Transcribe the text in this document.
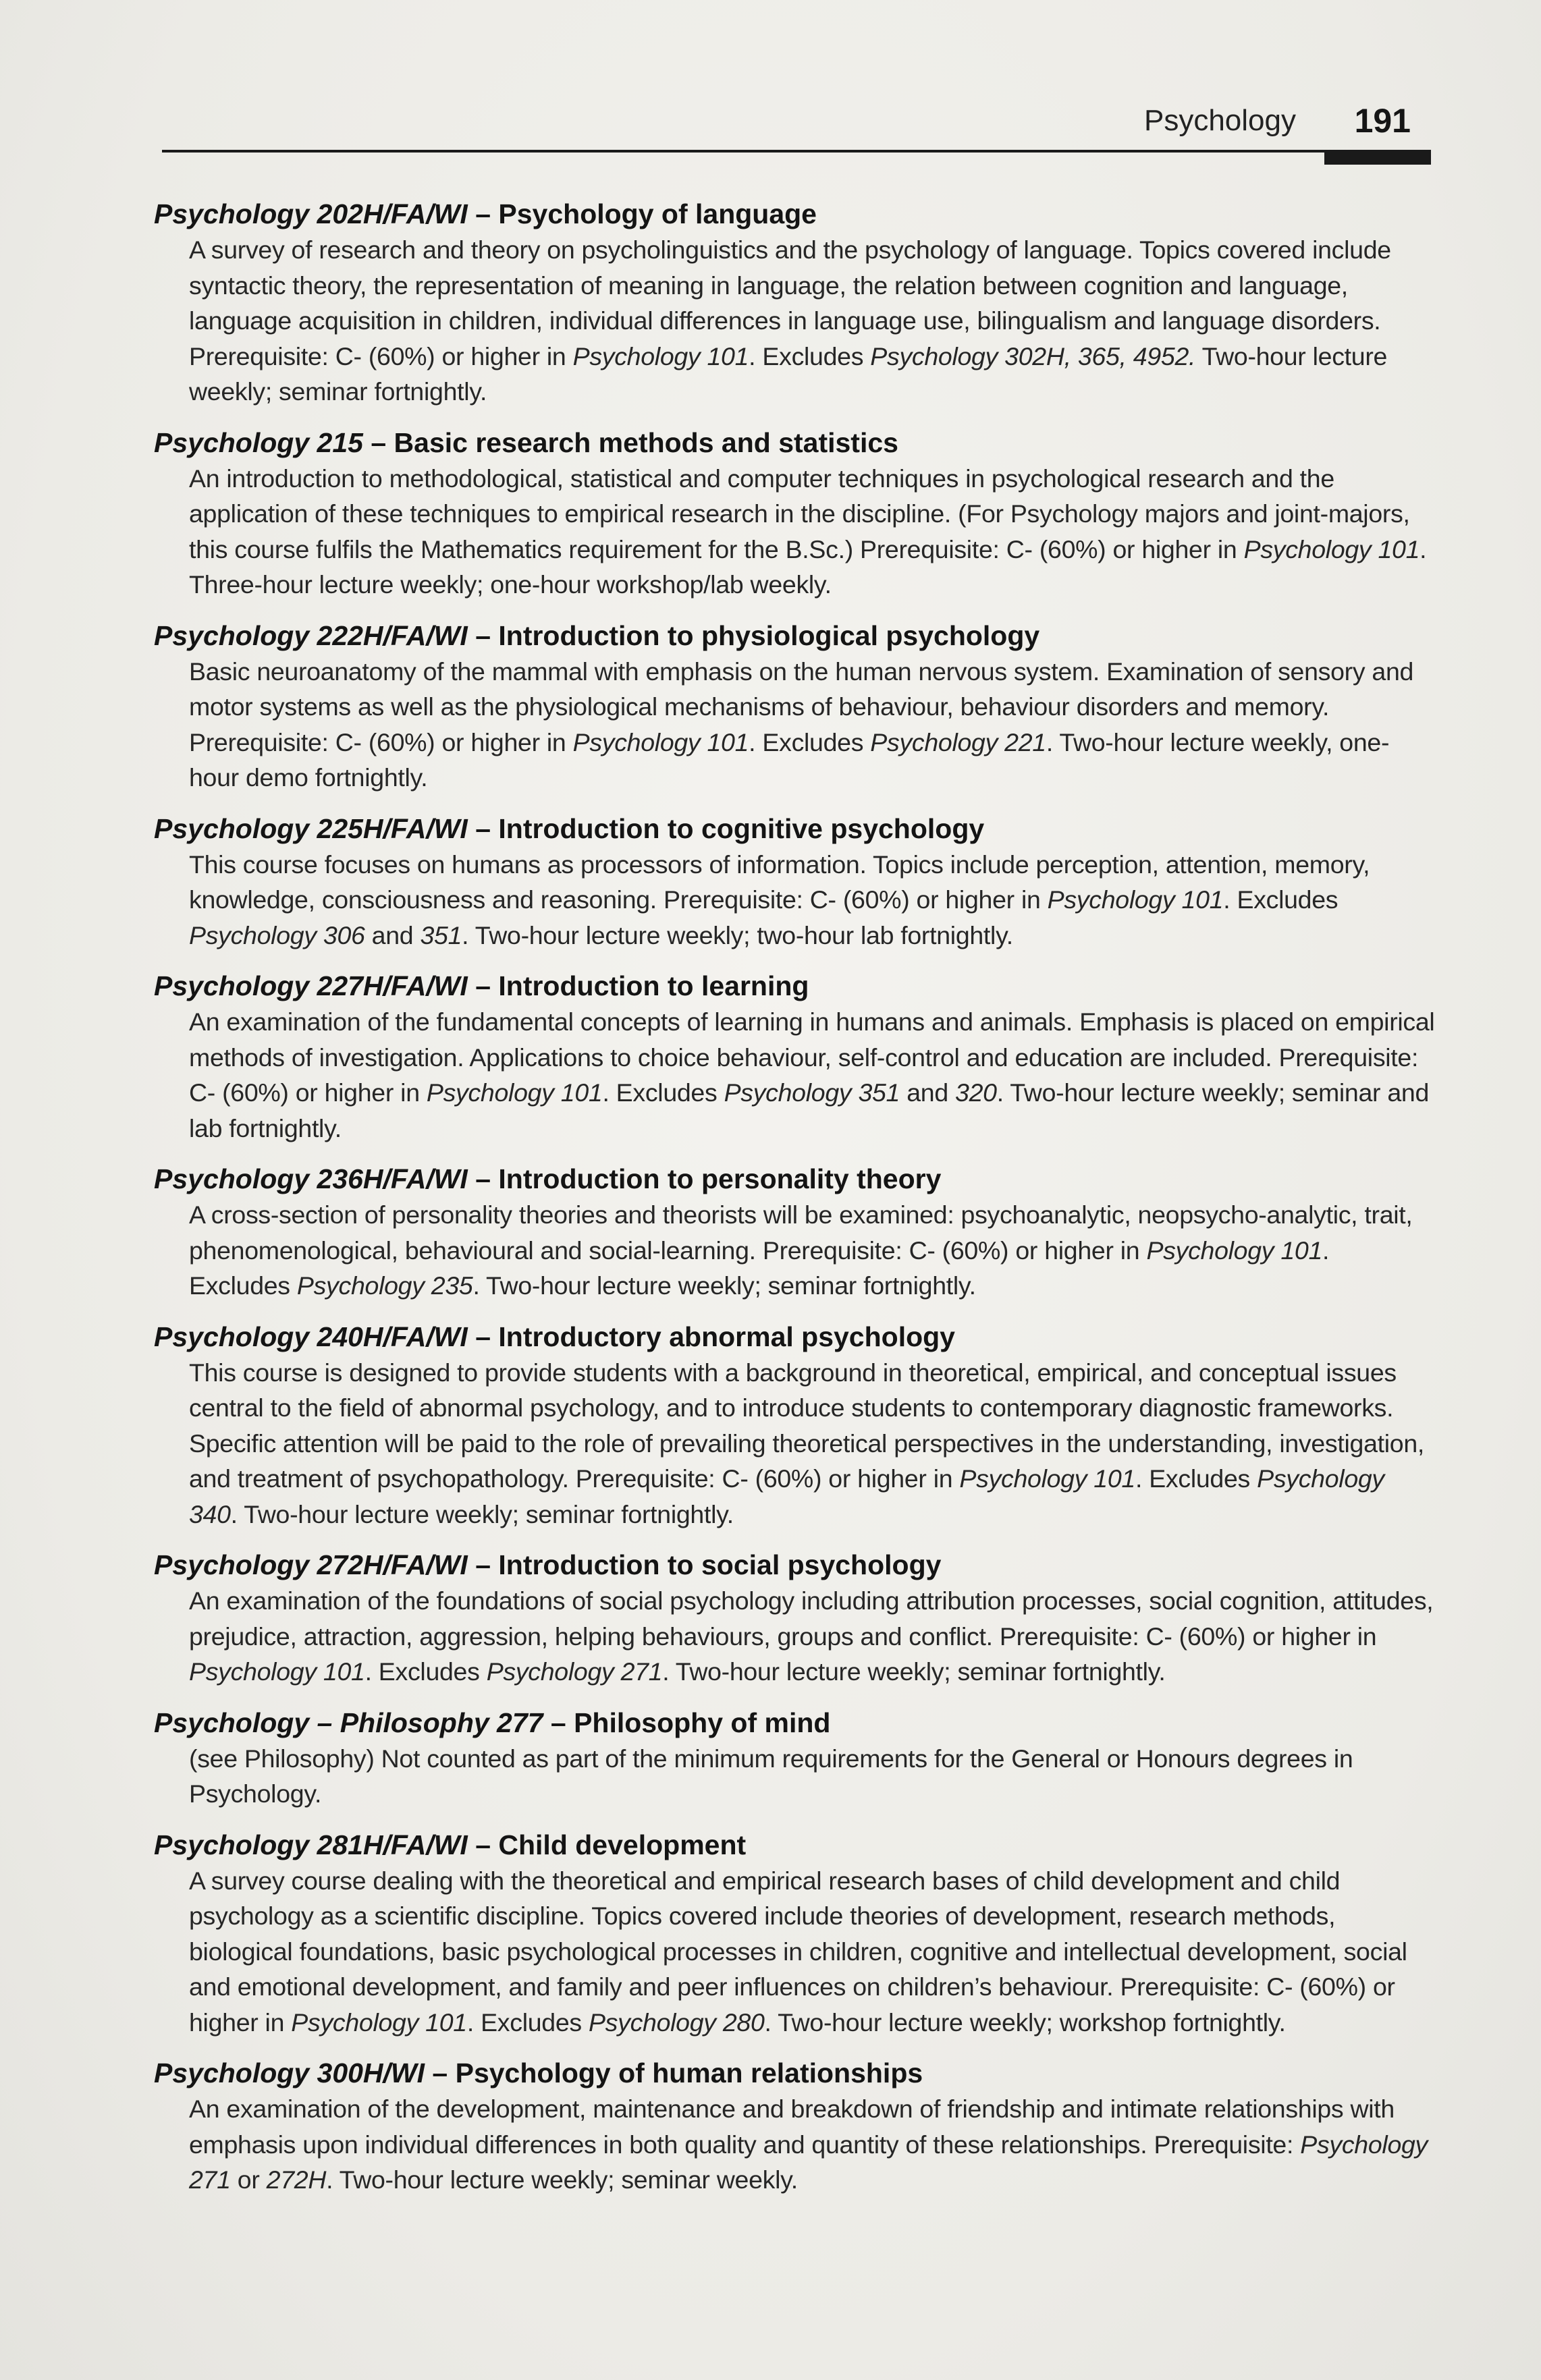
Psychology 191

Psychology 202H/FA/WI – Psychology of language

A survey of research and theory on psycholinguistics and the psychology of language. Topics covered include syntactic theory, the representation of meaning in language, the relation between cognition and language, language acquisition in children, individual differences in language use, bilingualism and language disorders. Prerequisite: C- (60%) or higher in Psychology 101. Excludes Psychology 302H, 365, 4952. Two-hour lecture weekly; seminar fortnightly.

Psychology 215 – Basic research methods and statistics

An introduction to methodological, statistical and computer techniques in psychological research and the application of these techniques to empirical research in the discipline. (For Psychology majors and joint-majors, this course fulfils the Mathematics requirement for the B.Sc.) Prerequisite: C- (60%) or higher in Psychology 101. Three-hour lecture weekly; one-hour workshop/lab weekly.

Psychology 222H/FA/WI – Introduction to physiological psychology

Basic neuroanatomy of the mammal with emphasis on the human nervous system. Examination of sensory and motor systems as well as the physiological mechanisms of behaviour, behaviour disorders and memory. Prerequisite: C- (60%) or higher in Psychology 101. Excludes Psychology 221. Two-hour lecture weekly, one-hour demo fortnightly.

Psychology 225H/FA/WI – Introduction to cognitive psychology

This course focuses on humans as processors of information. Topics include perception, attention, memory, knowledge, consciousness and reasoning. Prerequisite: C- (60%) or higher in Psychology 101. Excludes Psychology 306 and 351. Two-hour lecture weekly; two-hour lab fortnightly.

Psychology 227H/FA/WI – Introduction to learning

An examination of the fundamental concepts of learning in humans and animals. Emphasis is placed on empirical methods of investigation. Applications to choice behaviour, self-control and education are included. Prerequisite: C- (60%) or higher in Psychology 101. Excludes Psychology 351 and 320. Two-hour lecture weekly; seminar and lab fortnightly.

Psychology 236H/FA/WI – Introduction to personality theory

A cross-section of personality theories and theorists will be examined: psychoanalytic, neopsycho-analytic, trait, phenomenological, behavioural and social-learning. Prerequisite: C- (60%) or higher in Psychology 101. Excludes Psychology 235. Two-hour lecture weekly; seminar fortnightly.

Psychology 240H/FA/WI – Introductory abnormal psychology

This course is designed to provide students with a background in theoretical, empirical, and conceptual issues central to the field of abnormal psychology, and to introduce students to contemporary diagnostic frameworks. Specific attention will be paid to the role of prevailing theoretical perspectives in the understanding, investigation, and treatment of psychopathology. Prerequisite: C- (60%) or higher in Psychology 101. Excludes Psychology 340. Two-hour lecture weekly; seminar fortnightly.

Psychology 272H/FA/WI – Introduction to social psychology

An examination of the foundations of social psychology including attribution processes, social cognition, attitudes, prejudice, attraction, aggression, helping behaviours, groups and conflict. Prerequisite: C- (60%) or higher in Psychology 101. Excludes Psychology 271. Two-hour lecture weekly; seminar fortnightly.

Psychology – Philosophy 277 – Philosophy of mind

(see Philosophy) Not counted as part of the minimum requirements for the General or Honours degrees in Psychology.

Psychology 281H/FA/WI – Child development

A survey course dealing with the theoretical and empirical research bases of child development and child psychology as a scientific discipline. Topics covered include theories of development, research methods, biological foundations, basic psychological processes in children, cognitive and intellectual development, social and emotional development, and family and peer influences on children’s behaviour. Prerequisite: C- (60%) or higher in Psychology 101. Excludes Psychology 280. Two-hour lecture weekly; workshop fortnightly.

Psychology 300H/WI – Psychology of human relationships

An examination of the development, maintenance and breakdown of friendship and intimate relationships with emphasis upon individual differences in both quality and quantity of these relationships. Prerequisite: Psychology 271 or 272H. Two-hour lecture weekly; seminar weekly.
